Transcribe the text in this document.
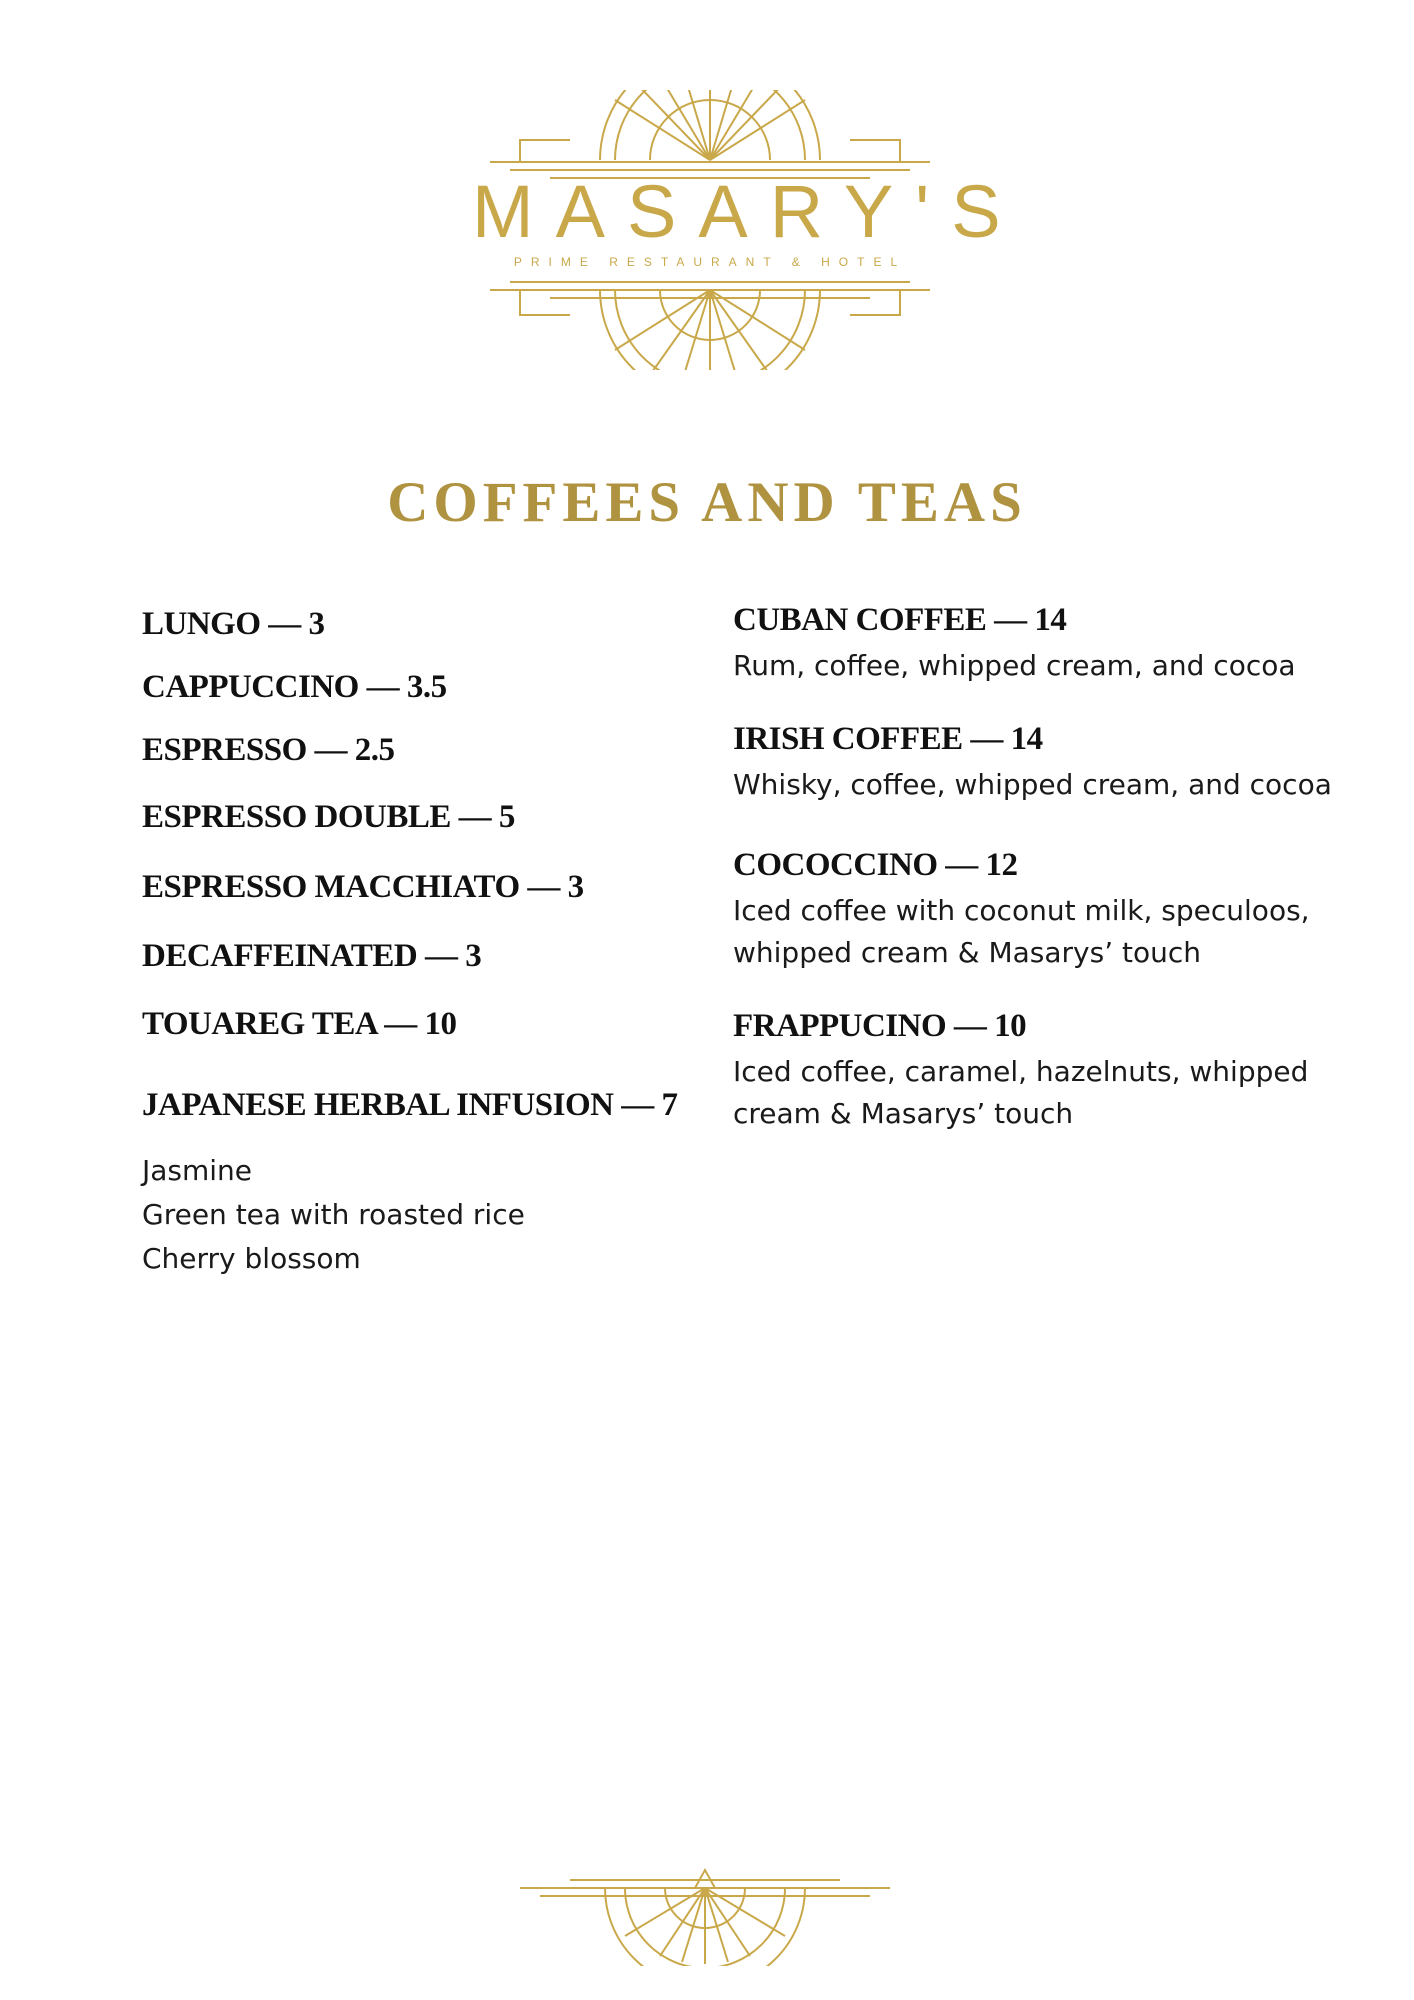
MASARY'S
PRIME RESTAURANT & HOTEL
COFFEES AND TEAS
LUNGO — 3
CAPPUCCINO — 3.5
ESPRESSO — 2.5
ESPRESSO DOUBLE — 5
ESPRESSO MACCHIATO — 3
DECAFFEINATED — 3
TOUAREG TEA — 10
JAPANESE HERBAL INFUSION — 7
Jasmine
Green tea with roasted rice
Cherry blossom
CUBAN COFFEE — 14
Rum, coffee, whipped cream, and cocoa
IRISH COFFEE — 14
Whisky, coffee, whipped cream, and cocoa
COCOCCINO — 12
Iced coffee with coconut milk, speculoos,
whipped cream & Masarys’ touch
FRAPPUCINO — 10
Iced coffee, caramel, hazelnuts, whipped
cream & Masarys’ touch
